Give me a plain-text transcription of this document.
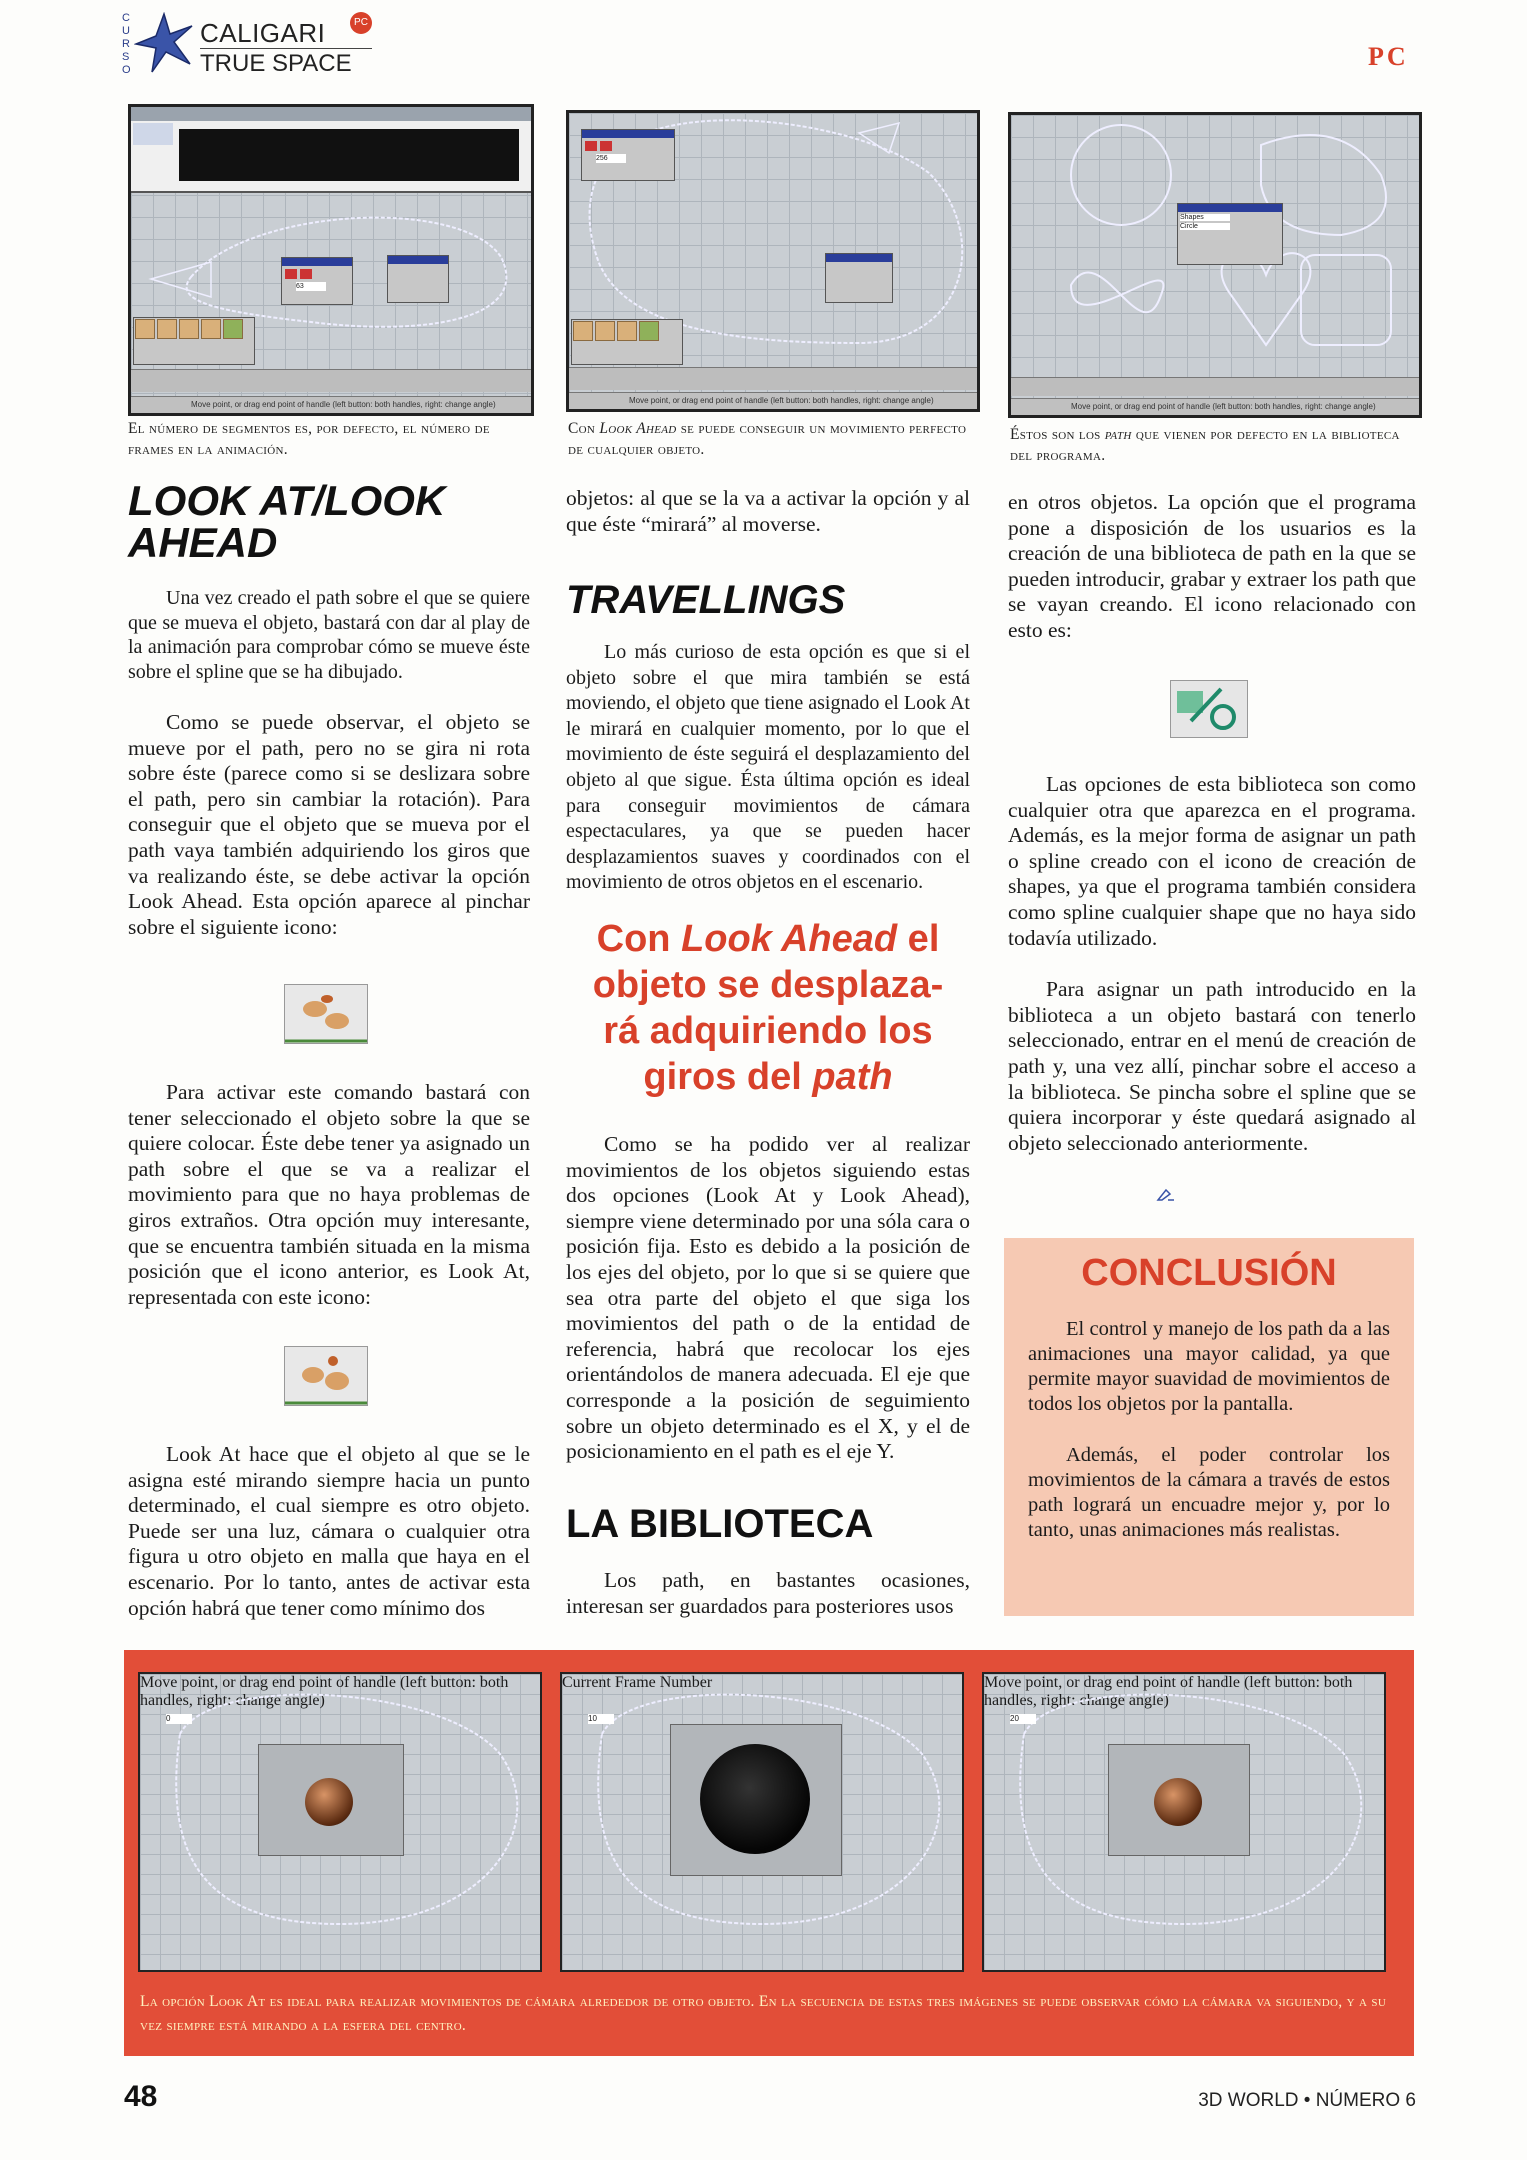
CURSO
CALIGARI
TRUE SPACE
PC
PC
63
Move point, or drag end point of handle (left button: both handles, right: change angle)
El número de segmentos es, por defecto, el número de frames en la animación.
256
Move point, or drag end point of handle (left button: both handles, right: change angle)
Con Look Ahead se puede conseguir un movimiento perfecto de cualquier objeto.
Shapes
Circle
Move point, or drag end point of handle (left button: both handles, right: change angle)
Éstos son los path que vienen por defecto en la biblioteca del programa.
LOOK AT/LOOK AHEAD

Una vez creado el path sobre el que se quiere que se mueva el objeto, bastará con dar al play de la animación para comprobar cómo se mueve éste sobre el spline que se ha dibujado.

Como se puede observar, el objeto se mueve por el path, pero no se gira ni rota sobre éste (parece como si se deslizara sobre el path, pero sin cambiar la rotación). Para conseguir que el objeto que se mueva por el path vaya también adquiriendo los giros que va realizando éste, se debe activar la opción Look Ahead. Esta opción aparece al pinchar sobre el siguiente icono:

Para activar este comando bastará con tener seleccionado el objeto sobre la que se quiere colocar. Éste debe tener ya asignado un path sobre el que se va a realizar el movimiento para que no haya problemas de giros extraños. Otra opción muy interesante, que se encuentra también situada en la misma posición que el icono anterior, es Look At, representada con este icono:

Look At hace que el objeto al que se le asigna esté mirando siempre hacia un punto determinado, el cual siempre es otro objeto. Puede ser una luz, cámara o cualquier otra figura u otro objeto en malla que haya en el escenario. Por lo tanto, antes de activar esta opción habrá que tener como mínimo dos

objetos: al que se la va a activar la opción y al que éste “mirará” al moverse.

TRAVELLINGS

Lo más curioso de esta opción es que si el objeto sobre el que mira también se está moviendo, el objeto que tiene asignado el Look At le mirará en cualquier momento, por lo que el movimiento de éste seguirá el desplazamiento del objeto al que sigue. Ésta última opción es ideal para conseguir movimientos de cámara espectaculares, ya que se pueden hacer desplazamientos suaves y coordinados con el movimiento de otros objetos en el escenario.

Con Look Ahead el
objeto se desplaza-
rá adquiriendo los
giros del path

Como se ha podido ver al realizar movimientos de los objetos siguiendo estas dos opciones (Look At y Look Ahead), siempre viene determinado por una sóla cara o posición fija. Esto es debido a la posición de los ejes del objeto, por lo que si se quiere que sea otra parte del objeto el que siga los movimientos del path o de la entidad de referencia, habrá que recolocar los ejes orientándolos de manera adecuada. El eje que corresponde a la posición de seguimiento sobre un objeto determinado es el X, y el de posicionamiento en el path es el eje Y.

LA BIBLIOTECA

Los path, en bastantes ocasiones, interesan ser guardados para posteriores usos

en otros objetos. La opción que el programa pone a disposición de los usuarios es la creación de una biblioteca de path en la que se pueden introducir, grabar y extraer los path que se vayan creando. El icono relacionado con esto es:

Las opciones de esta biblioteca son como cualquier otra que aparezca en el programa. Además, es la mejor forma de asignar un path o spline creado con el icono de creación de shapes, ya que el programa también considera como spline cualquier shape que no haya sido todavía utilizado.

Para asignar un path introducido en la biblioteca a un objeto bastará con tenerlo seleccionado, entrar en el menú de creación de path y, una vez allí, pinchar sobre el acceso a la biblioteca. Se pincha sobre el spline que se quiera incorporar y éste quedará asignado al objeto seleccionado anteriormente.

CONCLUSIÓN

El control y manejo de los path da a las animaciones una mayor calidad, ya que permite mayor suavidad de movimientos de todos los objetos por la pantalla.

Además, el poder controlar los movimientos de la cámara a través de estos path logrará un encuadre mejor y, por lo tanto, unas animaciones más realistas.

0
Move point, or drag end point of handle (left button: both handles, right: change angle)
10
Current Frame Number
20
Move point, or drag end point of handle (left button: both handles, right: change angle)
La opción Look At es ideal para realizar movimientos de cámara alrededor de otro objeto. En la secuencia de estas tres imágenes se puede observar cómo la cámara va siguiendo, y a su vez siempre está mirando a la esfera del centro.
48	3D WORLD • NÚMERO 6
